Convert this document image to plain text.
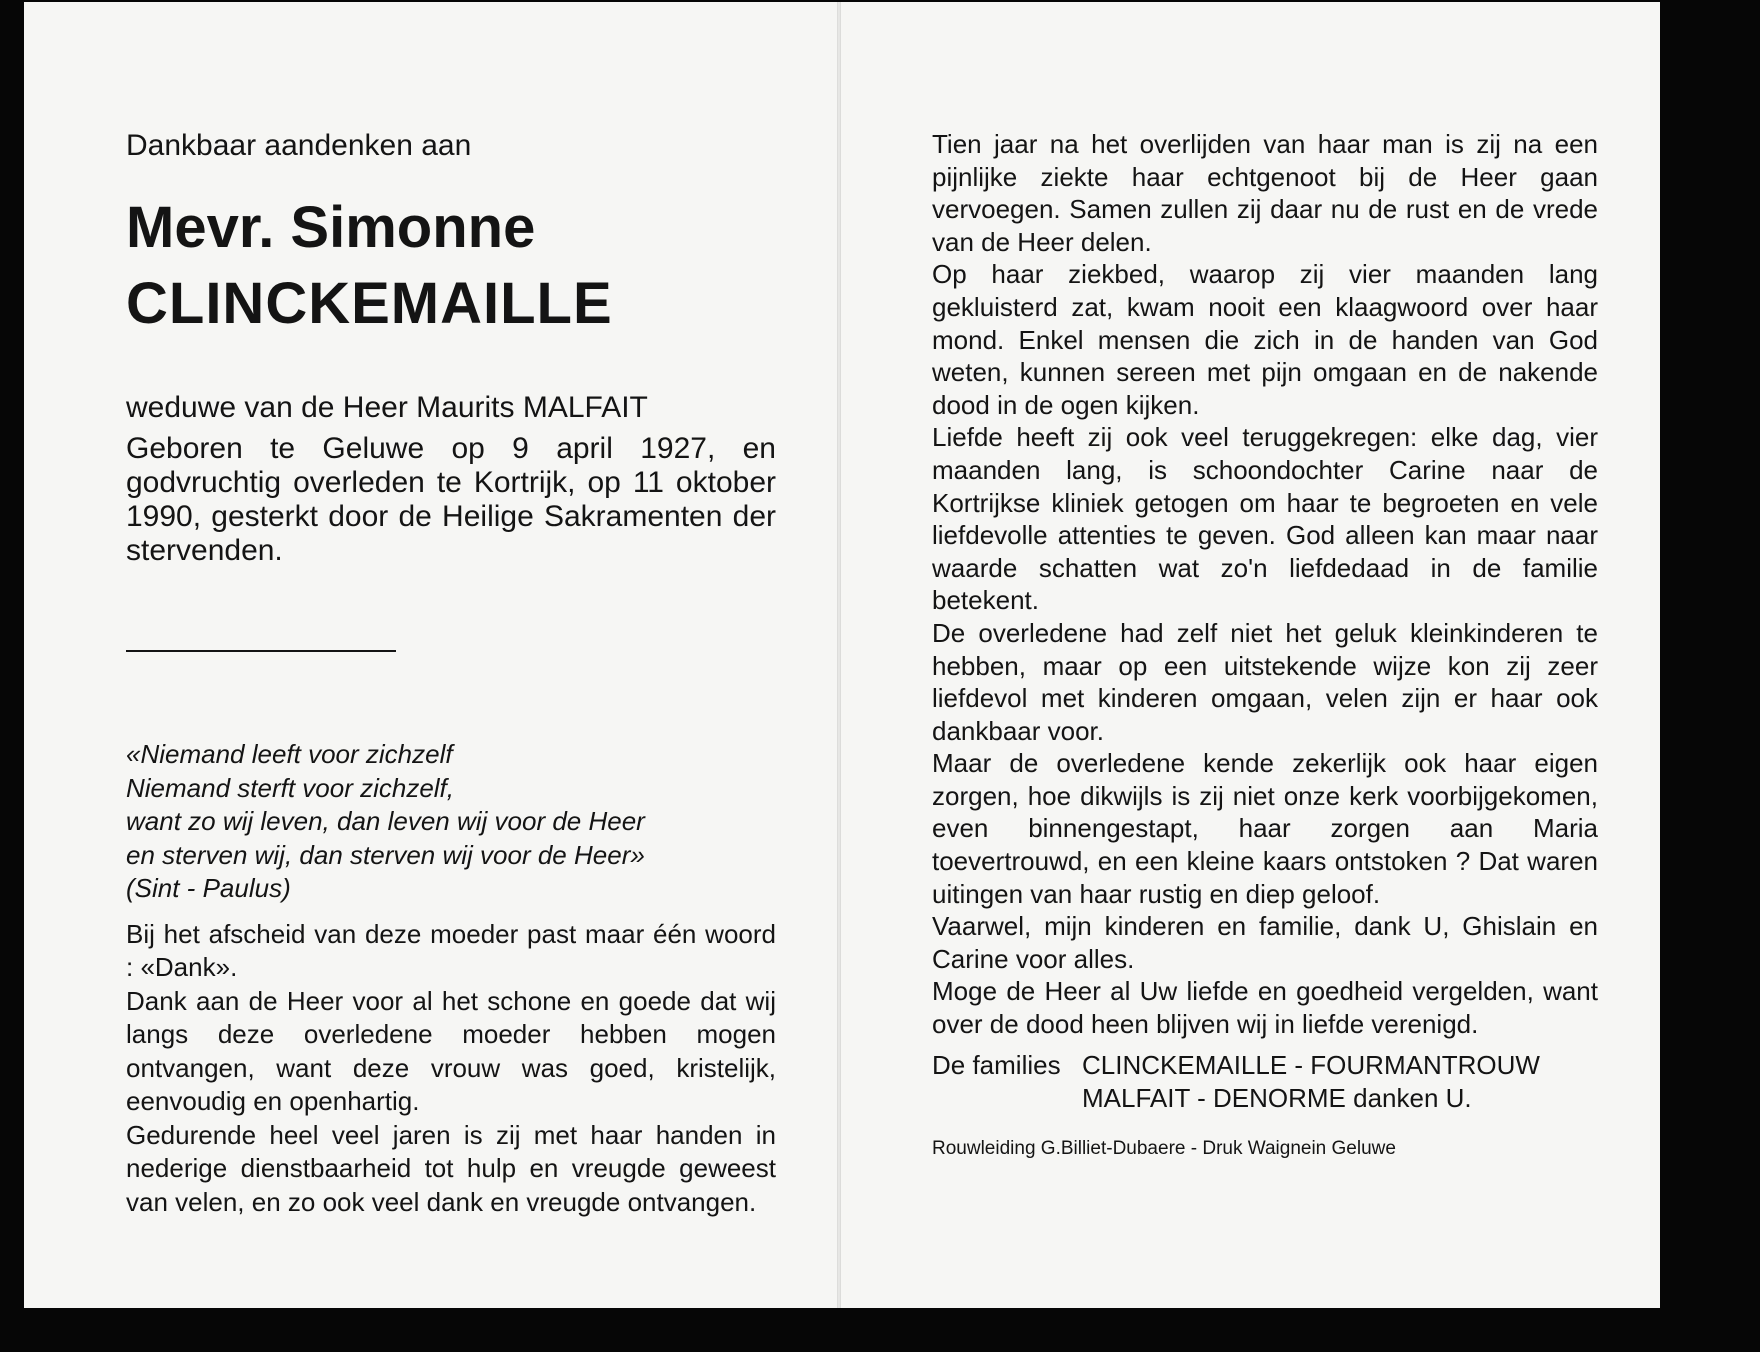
Dankbaar aandenken aan

Mevr. Simonne

CLINCKEMAILLE

weduwe van de Heer Maurits MALFAIT

Geboren te Geluwe op 9 april 1927, en godvruchtig overleden te Kortrijk, op 11 oktober 1990, gesterkt door de Heilige Sakramenten der stervenden.

«Niemand leeft voor zichzelf
Niemand sterft voor zichzelf,
want zo wij leven, dan leven wij voor de Heer
en sterven wij, dan sterven wij voor de Heer»
(Sint - Paulus)

Bij het afscheid van deze moeder past maar één woord : «Dank».

Dank aan de Heer voor al het schone en goede dat wij langs deze overledene moeder hebben mogen ontvangen, want deze vrouw was goed, kristelijk, eenvoudig en openhartig.

Gedurende heel veel jaren is zij met haar handen in nederige dienstbaarheid tot hulp en vreugde geweest van velen, en zo ook veel dank en vreugde ontvangen.

Tien jaar na het overlijden van haar man is zij na een pijnlijke ziekte haar echtgenoot bij de Heer gaan vervoegen. Samen zullen zij daar nu de rust en de vrede van de Heer delen.

Op haar ziekbed, waarop zij vier maanden lang gekluisterd zat, kwam nooit een klaagwoord over haar mond. Enkel mensen die zich in de handen van God weten, kunnen sereen met pijn omgaan en de nakende dood in de ogen kijken.

Liefde heeft zij ook veel teruggekregen: elke dag, vier maanden lang, is schoondochter Carine naar de Kortrijkse kliniek getogen om haar te begroeten en vele liefdevolle attenties te geven. God alleen kan maar naar waarde schatten wat zo'n liefdedaad in de familie betekent.

De overledene had zelf niet het geluk kleinkinderen te hebben, maar op een uitstekende wijze kon zij zeer liefdevol met kinderen omgaan, velen zijn er haar ook dankbaar voor.

Maar de overledene kende zekerlijk ook haar eigen zorgen, hoe dikwijls is zij niet onze kerk voorbijgekomen, even binnengestapt, haar zorgen aan Maria toevertrouwd, en een kleine kaars ontstoken ? Dat waren uitingen van haar rustig en diep geloof.

Vaarwel, mijn kinderen en familie, dank U, Ghislain en Carine voor alles.

Moge de Heer al Uw liefde en goedheid vergelden, want over de dood heen blijven wij in liefde verenigd.

De families CLINCKEMAILLE - FOURMANTROUW
MALFAIT - DENORME danken U.
Rouwleiding G.Billiet-Dubaere - Druk Waignein Geluwe
